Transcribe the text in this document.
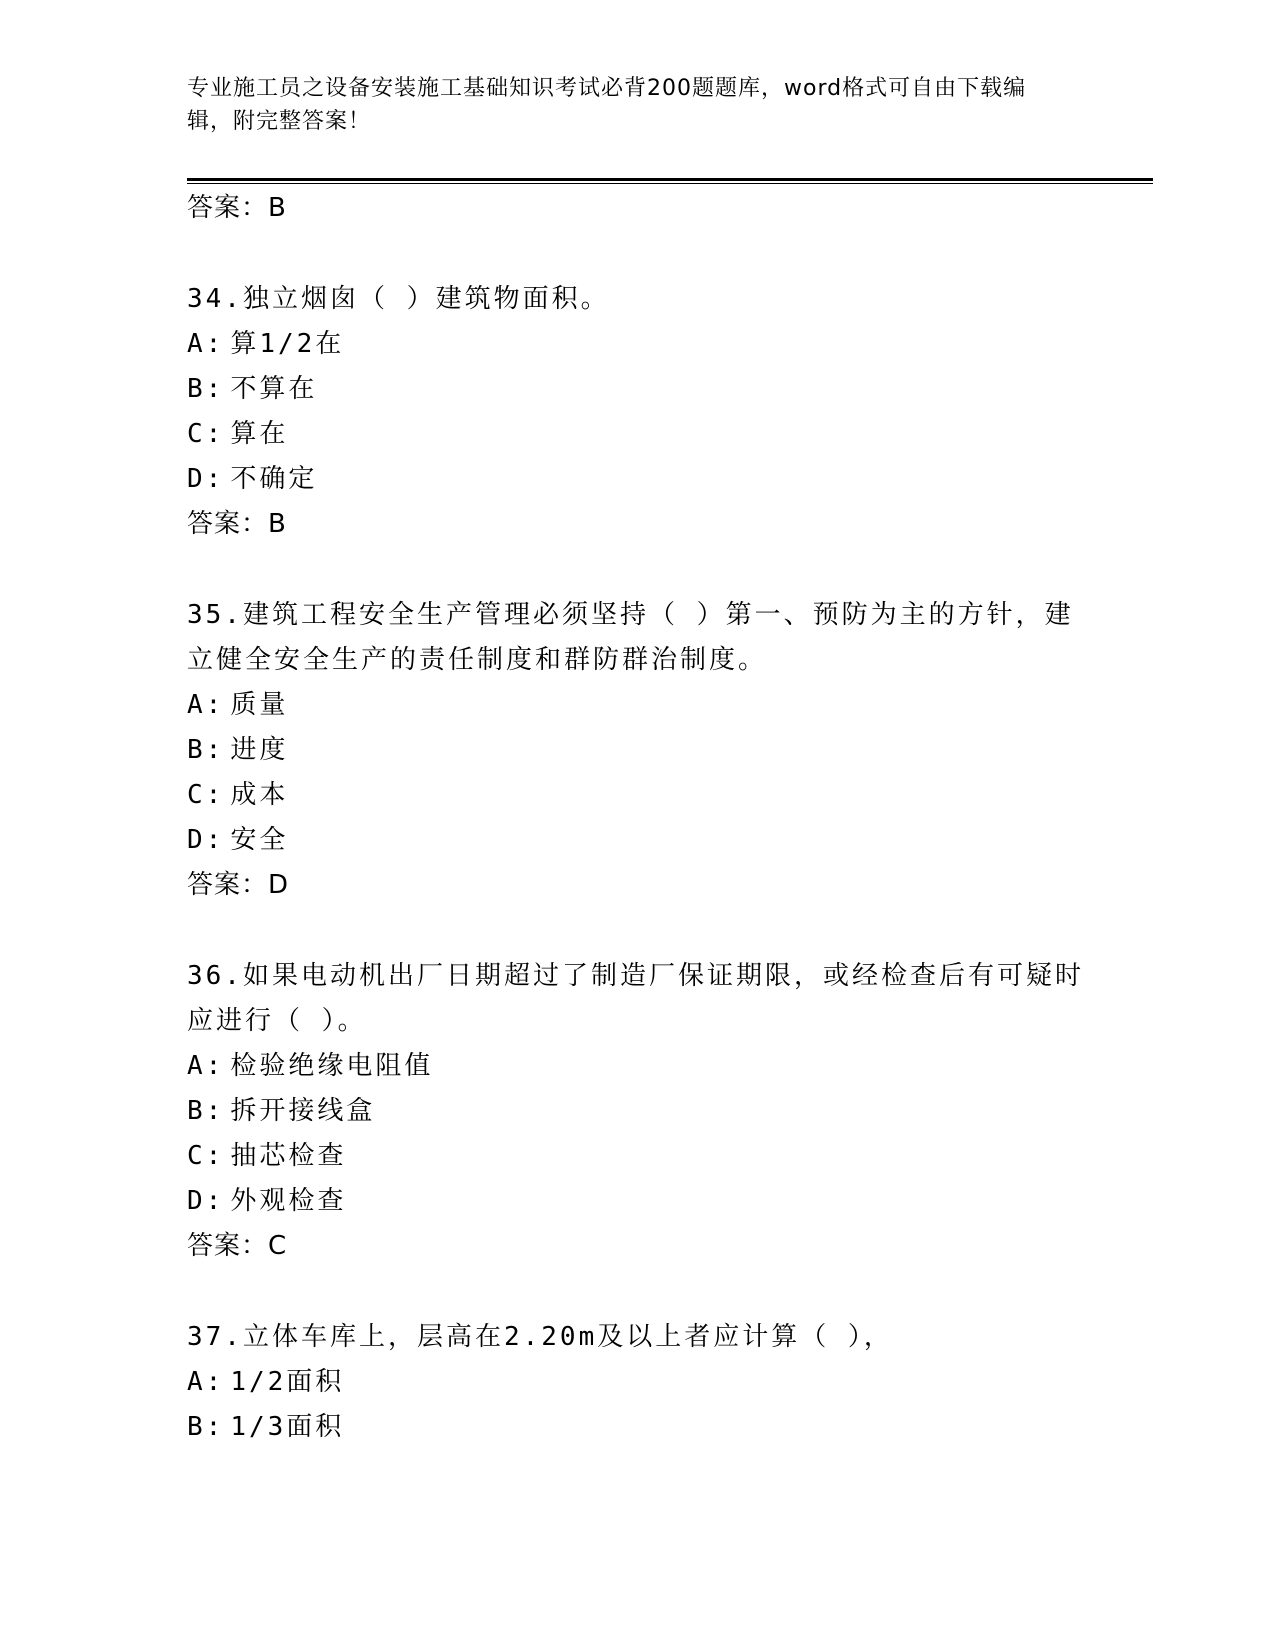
专业施工员之设备安装施工基础知识考试必背200题题库，word格式可自由下载编辑，附完整答案！
答案：B
34.独立烟囱（ ）建筑物面积。
A: 算1/2在
B: 不算在
C: 算在
D: 不确定
答案：B
35.建筑工程安全生产管理必须坚持（ ）第一、预防为主的方针，建立健全安全生产的责任制度和群防群治制度。
A: 质量
B: 进度
C: 成本
D: 安全
答案：D
36.如果电动机出厂日期超过了制造厂保证期限，或经检查后有可疑时应进行（ ）。
A: 检验绝缘电阻值
B: 拆开接线盒
C: 抽芯检查
D: 外观检查
答案：C
37.立体车库上，层高在2.20m及以上者应计算（ ），
A: 1/2面积
B: 1/3面积
